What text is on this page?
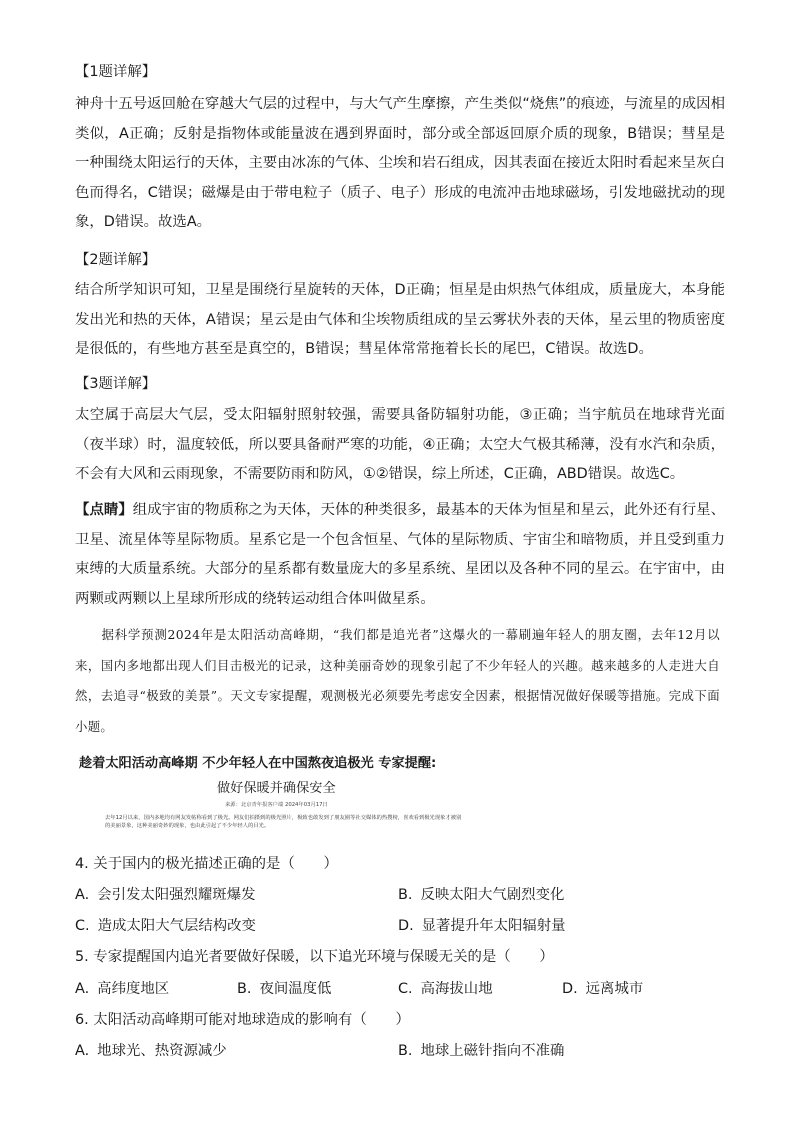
【1题详解】

神舟十五号返回舱在穿越大气层的过程中，与大气产生摩擦，产生类似“烧焦”的痕迹，与流星的成因相类似，A正确；反射是指物体或能量波在遇到界面时，部分或全部返回原介质的现象，B错误；彗星是一种围绕太阳运行的天体，主要由冰冻的气体、尘埃和岩石组成，因其表面在接近太阳时看起来呈灰白色而得名，C错误；磁爆是由于带电粒子（质子、电子）形成的电流冲击地球磁场，引发地磁扰动的现象，D错误。故选A。

【2题详解】

结合所学知识可知，卫星是围绕行星旋转的天体，D正确；恒星是由炽热气体组成，质量庞大，本身能发出光和热的天体，A错误；星云是由气体和尘埃物质组成的呈云雾状外表的天体，星云里的物质密度是很低的，有些地方甚至是真空的，B错误；彗星体常常拖着长长的尾巴，C错误。故选D。

【3题详解】

太空属于高层大气层，受太阳辐射照射较强，需要具备防辐射功能，③正确；当宇航员在地球背光面（夜半球）时，温度较低，所以要具备耐严寒的功能，④正确；太空大气极其稀薄，没有水汽和杂质，不会有大风和云雨现象，不需要防雨和防风，①②错误，综上所述，C正确，ABD错误。故选C。

【点睛】组成宇宙的物质称之为天体，天体的种类很多，最基本的天体为恒星和星云，此外还有行星、卫星、流星体等星际物质。星系它是一个包含恒星、气体的星际物质、宇宙尘和暗物质，并且受到重力束缚的大质量系统。大部分的星系都有数量庞大的多星系统、星团以及各种不同的星云。在宇宙中，由两颗或两颗以上星球所形成的绕转运动组合体叫做星系。

据科学预测2024年是太阳活动高峰期，“我们都是追光者”这爆火的一幕刷遍年轻人的朋友圈，去年12月以来，国内多地都出现人们目击极光的记录，这种美丽奇妙的现象引起了不少年轻人的兴趣。越来越多的人走进大自然，去追寻“极致的美景”。天文专家提醒，观测极光必须要先考虑安全因素，根据情况做好保暖等措施。完成下面小题。

趁着太阳活动高峰期 不少年轻人在中国熬夜追极光 专家提醒:
做好保暖并确保安全
来源：北京青年报客户端 2024年03月17日

去年12月以来，国内多地均有网友发帖称看到了极光。网友们拍摄到的极光照片，极致也敢发到了朋友圈等社交媒体的热搜榜，喜欢看到极光现象才被别的美丽景象，这种美丽奇妙的现象，也由此引起了不少年轻人的目光。

4. 关于国内的极光描述正确的是（　　）
A. 会引发太阳强烈耀斑爆发	B. 反映太阳大气剧烈变化
C. 造成太阳大气层结构改变	D. 显著提升年太阳辐射量
5. 专家提醒国内追光者要做好保暖，以下追光环境与保暖无关的是（　　）
A. 高纬度地区	B. 夜间温度低	C. 高海拔山地	D. 远离城市
6. 太阳活动高峰期可能对地球造成的影响有（　　）
A. 地球光、热资源减少	B. 地球上磁针指向不准确
